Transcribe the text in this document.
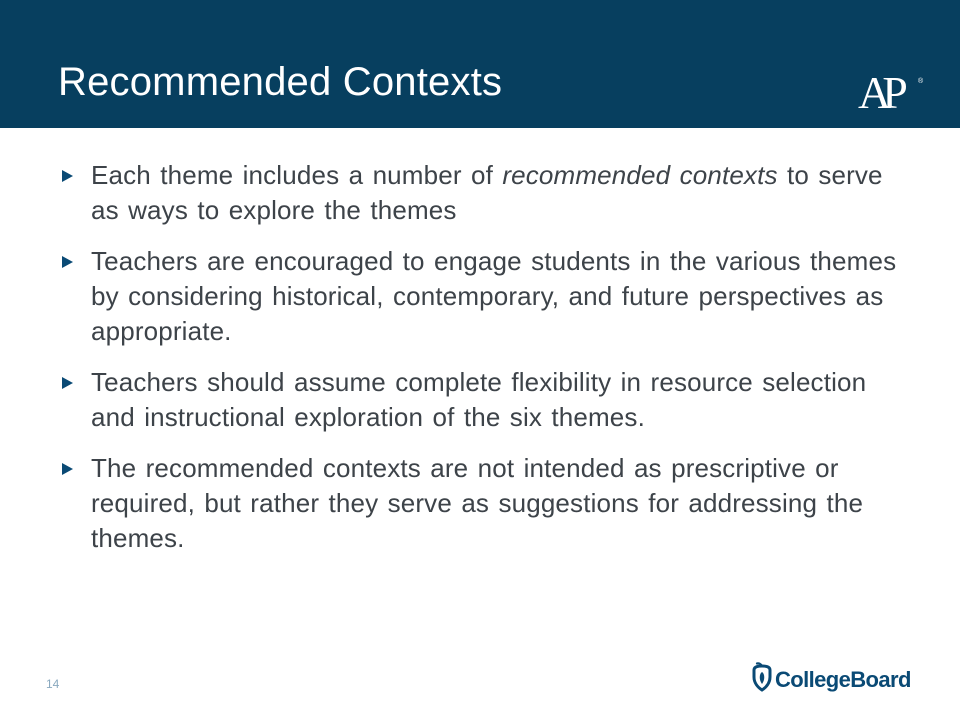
Recommended Contexts	AP	®
Each theme includes a number of recommended contexts to serve as ways to explore the themes
Teachers are encouraged to engage students in the various themes by considering historical, contemporary, and future perspectives as appropriate.
Teachers should assume complete flexibility in resource selection and instructional exploration of the six themes.
The recommended contexts are not intended as prescriptive or required, but rather they serve as suggestions for addressing the themes.
14	CollegeBoard
